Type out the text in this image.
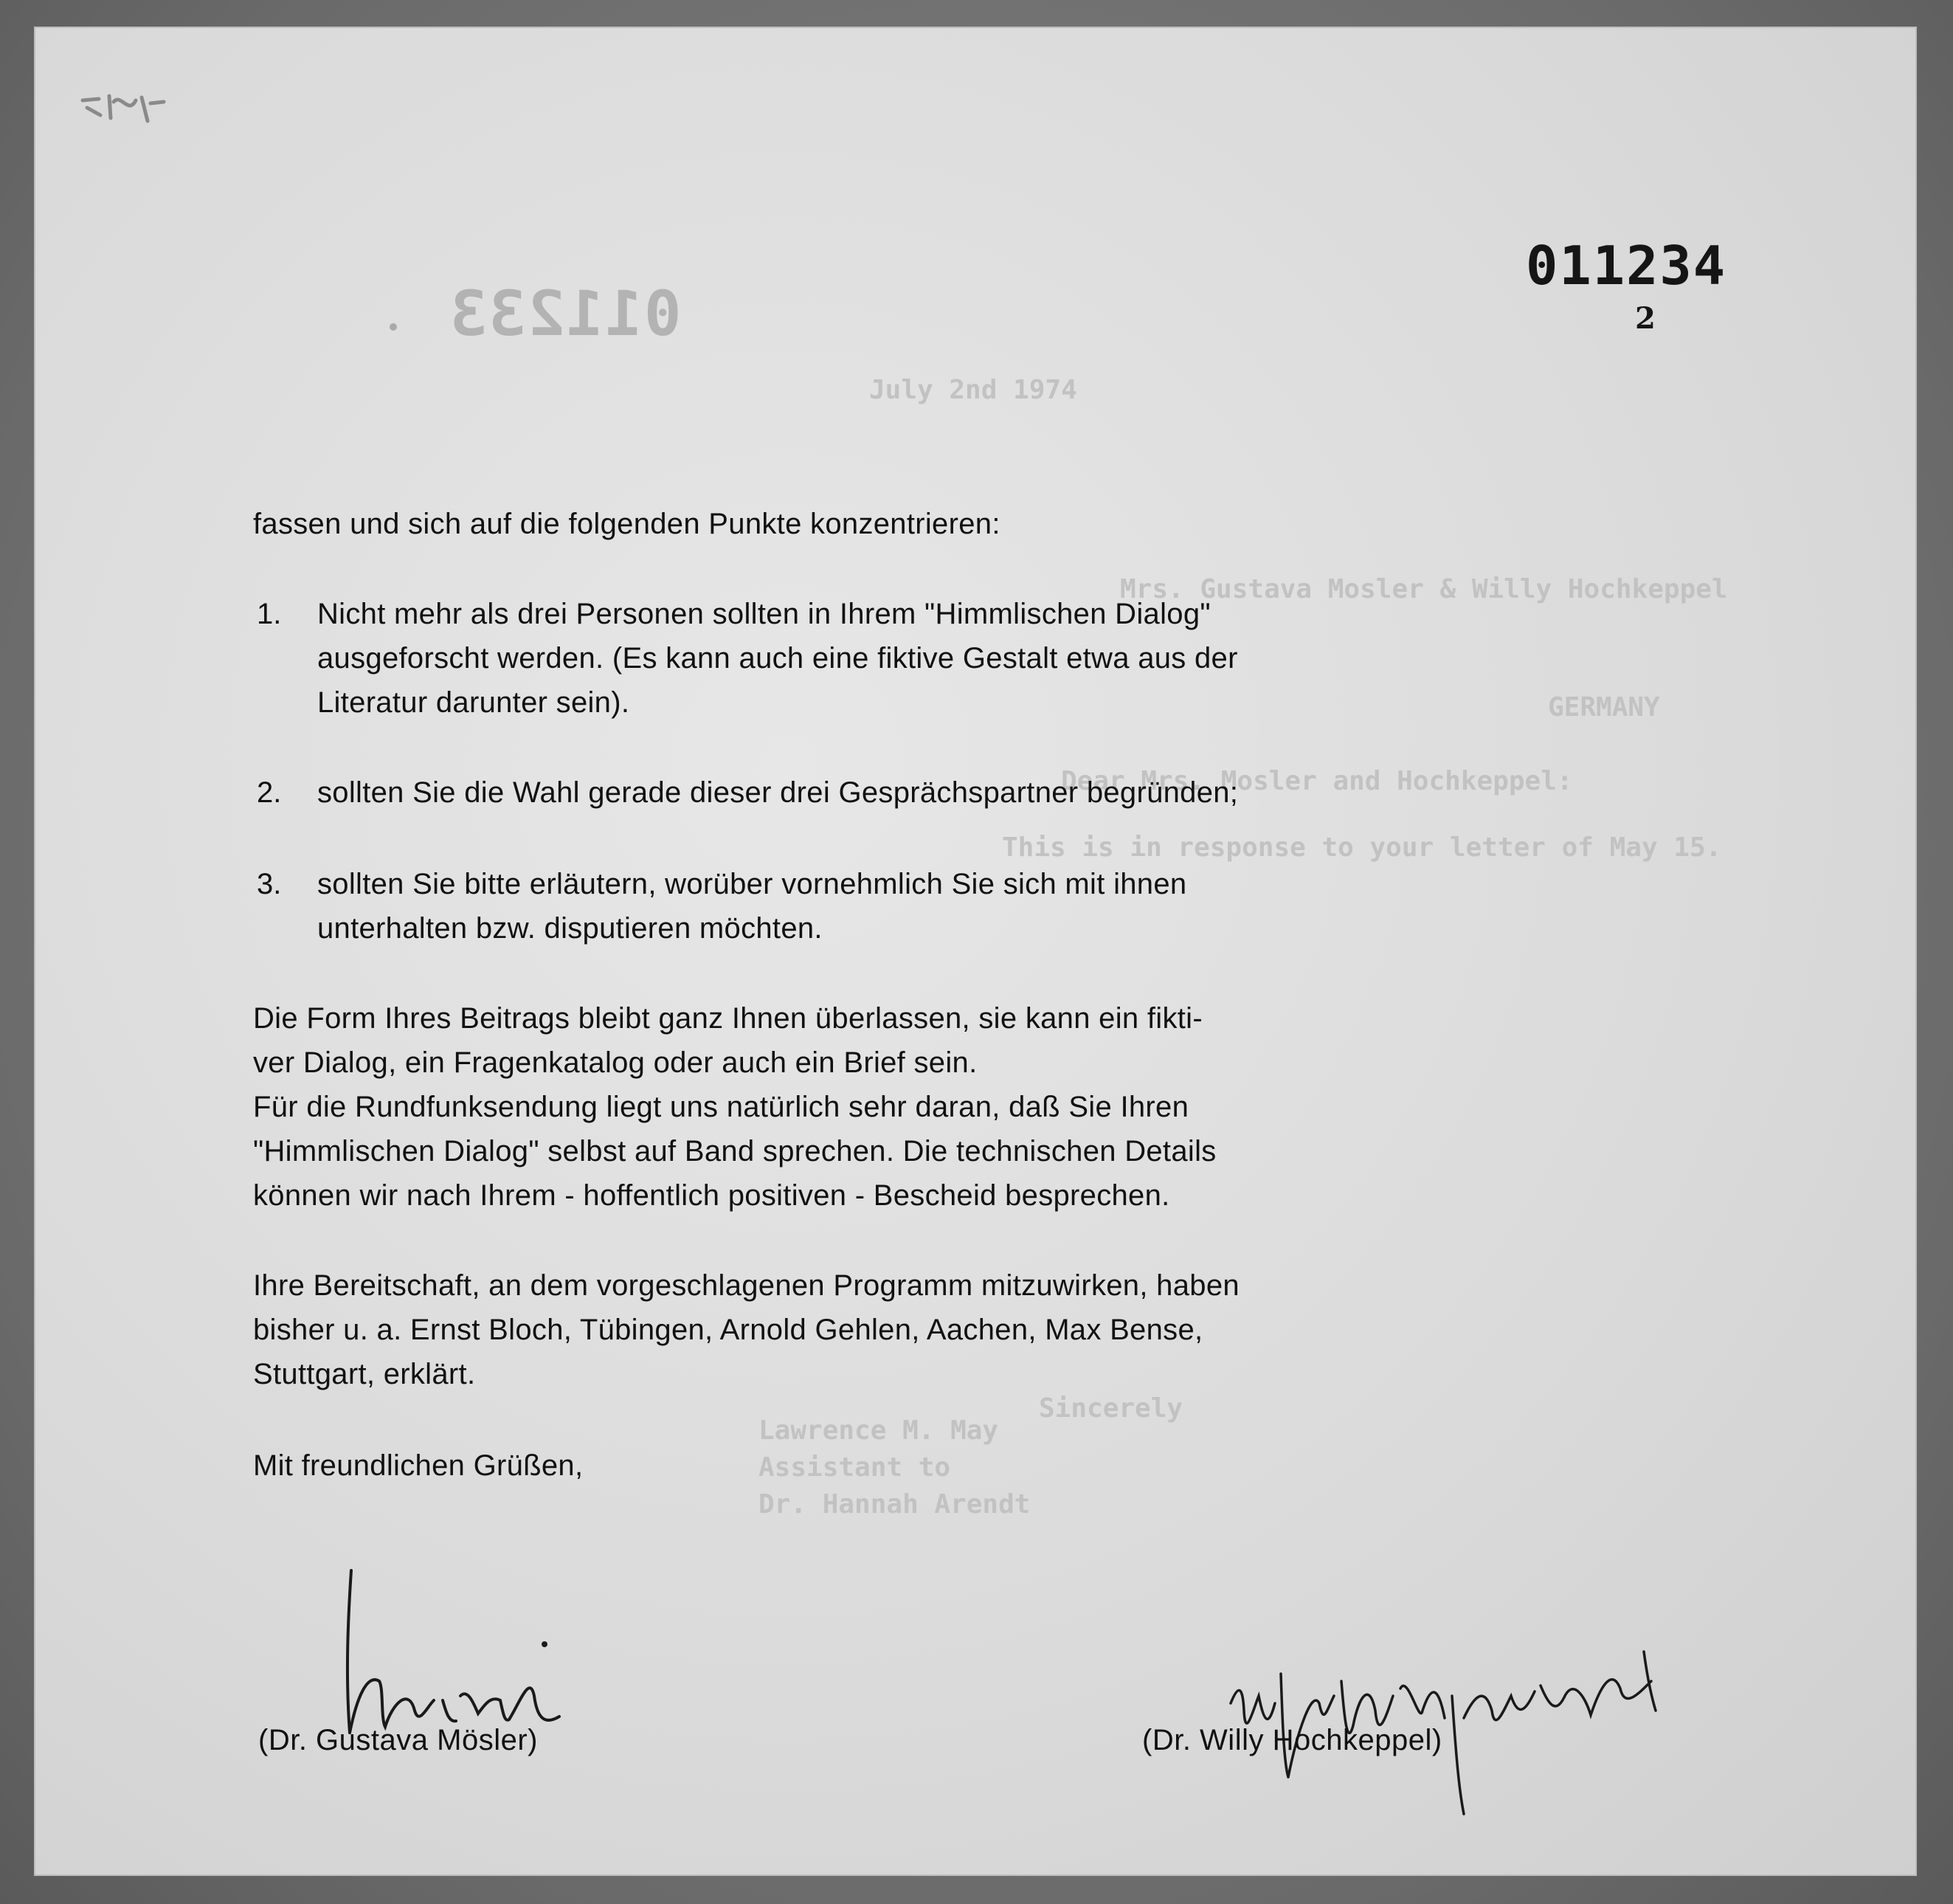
011233
July 2nd 1974
Mrs. Gustava Mosler & Willy Hochkeppel
GERMANY
Dear Mrs. Mosler and Hochkeppel:
This is in response to your letter of May 15.
Sincerely
Lawrence M. May
Assistant to
Dr. Hannah Arendt
011234
2
fassen und sich auf die folgenden Punkte konzentrieren:
1. Nicht mehr als drei Personen sollten in Ihrem "Himmlischen Dialog"
ausgeforscht werden. (Es kann auch eine fiktive Gestalt etwa aus der
Literatur darunter sein).
2. sollten Sie die Wahl gerade dieser drei Gesprächspartner begründen;
3. sollten Sie bitte erläutern, worüber vornehmlich Sie sich mit ihnen
unterhalten bzw. disputieren möchten.
Die Form Ihres Beitrags bleibt ganz Ihnen überlassen, sie kann ein fikti-
ver Dialog, ein Fragenkatalog oder auch ein Brief sein.
Für die Rundfunksendung liegt uns natürlich sehr daran, daß Sie Ihren
"Himmlischen Dialog" selbst auf Band sprechen. Die technischen Details
können wir nach Ihrem - hoffentlich positiven - Bescheid besprechen.
Ihre Bereitschaft, an dem vorgeschlagenen Programm mitzuwirken, haben
bisher u. a. Ernst Bloch, Tübingen, Arnold Gehlen, Aachen, Max Bense,
Stuttgart, erklärt.
Mit freundlichen Grüßen,
(Dr. Gustava Mösler)	(Dr. Willy Hochkeppel)
